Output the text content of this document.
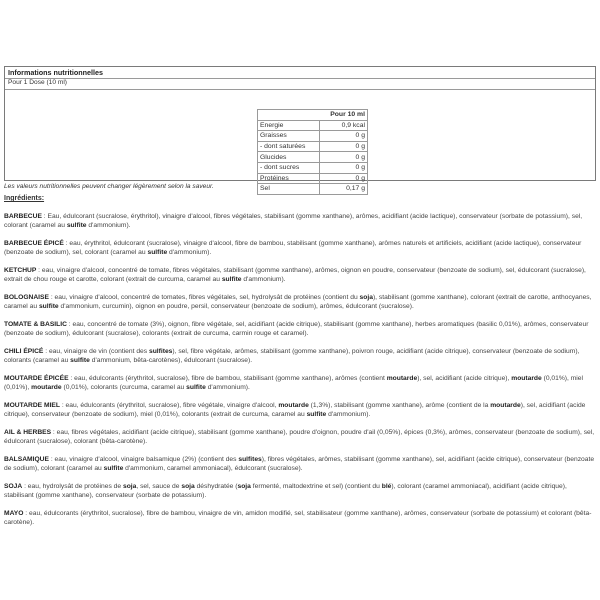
Informations nutritionnelles
Pour 1 Dose (10 ml)
Pour 10 ml	
Energie	0,9 kcal
Graisses	0 g
- dont saturées	0 g
Glucides	0 g
- dont sucres	0 g
Protéines	0 g
Sel	0,17 g
Les valeurs nutritionnelles peuvent changer légèrement selon la saveur.
Ingrédients:
BARBECUE : Eau, édulcorant (sucralose, érythritol), vinaigre d'alcool, fibres végétales, stabilisant (gomme xanthane), arômes, acidifiant (acide lactique), conservateur (sorbate de potassium), sel, colorant (caramel au sulfite d'ammonium).
BARBECUE ÉPICÉ : eau, érythritol, édulcorant (sucralose), vinaigre d'alcool, fibre de bambou, stabilisant (gomme xanthane), arômes naturels et artificiels, acidifiant (acide lactique), conservateur (benzoate de sodium), sel, colorant (caramel au sulfite d'ammonium).
KETCHUP : eau, vinaigre d'alcool, concentré de tomate, fibres végétales, stabilisant (gomme xanthane), arômes, oignon en poudre, conservateur (benzoate de sodium), sel, édulcorant (sucralose), extrait de chou rouge et carotte, colorant (extrait de curcuma, caramel au sulfite d'ammonium).
BOLOGNAISE : eau, vinaigre d'alcool, concentré de tomates, fibres végétales, sel, hydrolysât de protéines (contient du soja), stabilisant (gomme xanthane), colorant (extrait de carotte, anthocyanes, caramel au sulfite d'ammonium, curcumin), oignon en poudre, persil, conservateur (benzoate de sodium), arômes, édulcorant (sucralose).
TOMATE & BASILIC : eau, concentré de tomate (3%), oignon, fibre végétale, sel, acidifiant (acide citrique), stabilisant (gomme xanthane), herbes aromatiques (basilic 0,01%), arômes, conservateur (benzoate de sodium), édulcorant (sucralose), colorants (extrait de curcuma, carmin rouge et caramel).
CHILI ÉPICÉ : eau, vinaigre de vin (contient des sulfites), sel, fibre végétale, arômes, stabilisant (gomme xanthane), poivron rouge, acidifiant (acide citrique), conservateur (benzoate de sodium), colorants (caramel au sulfite d'ammonium, bêta-carotènes), édulcorant (sucralose).
MOUTARDE ÉPICÉE : eau, édulcorants (érythritol, sucralose), fibre de bambou, stabilisant (gomme xanthane), arômes (contient moutarde), sel, acidifiant (acide citrique), moutarde (0,01%), miel (0,01%), moutarde (0,01%), colorants (curcuma, caramel au sulfite d'ammonium).
MOUTARDE MIEL : eau, édulcorants (érythritol, sucralose), fibre végétale, vinaigre d'alcool, moutarde (1,3%), stabilisant (gomme xanthane), arôme (contient de la moutarde), sel, acidifiant (acide citrique), conservateur (benzoate de sodium), miel (0,01%), colorants (extrait de curcuma, caramel au sulfite d'ammonium).
AIL & HERBES : eau, fibres végétales, acidifiant (acide citrique), stabilisant (gomme xanthane), poudre d'oignon, poudre d'ail (0,05%), épices (0,3%), arômes, conservateur (benzoate de sodium), sel, édulcorant (sucralose), colorant (bêta-carotène).
BALSAMIQUE : eau, vinaigre d'alcool, vinaigre balsamique (2%) (contient des sulfites), fibres végétales, arômes, stabilisant (gomme xanthane), sel, acidifiant (acide citrique), conservateur (benzoate de sodium), colorant (caramel au sulfite d'ammonium, caramel ammoniacal), édulcorant (sucralose).
SOJA : eau, hydrolysât de protéines de soja, sel, sauce de soja déshydratée (soja fermenté, maltodextrine et sel) (contient du blé), colorant (caramel ammoniacal), acidifiant (acide citrique), stabilisant (gomme xanthane), conservateur (sorbate de potassium).
MAYO : eau, édulcorants (érythritol, sucralose), fibre de bambou, vinaigre de vin, amidon modifié, sel, stabilisateur (gomme xanthane), arômes, conservateur (sorbate de potassium) et colorant (bêta-carotène).
